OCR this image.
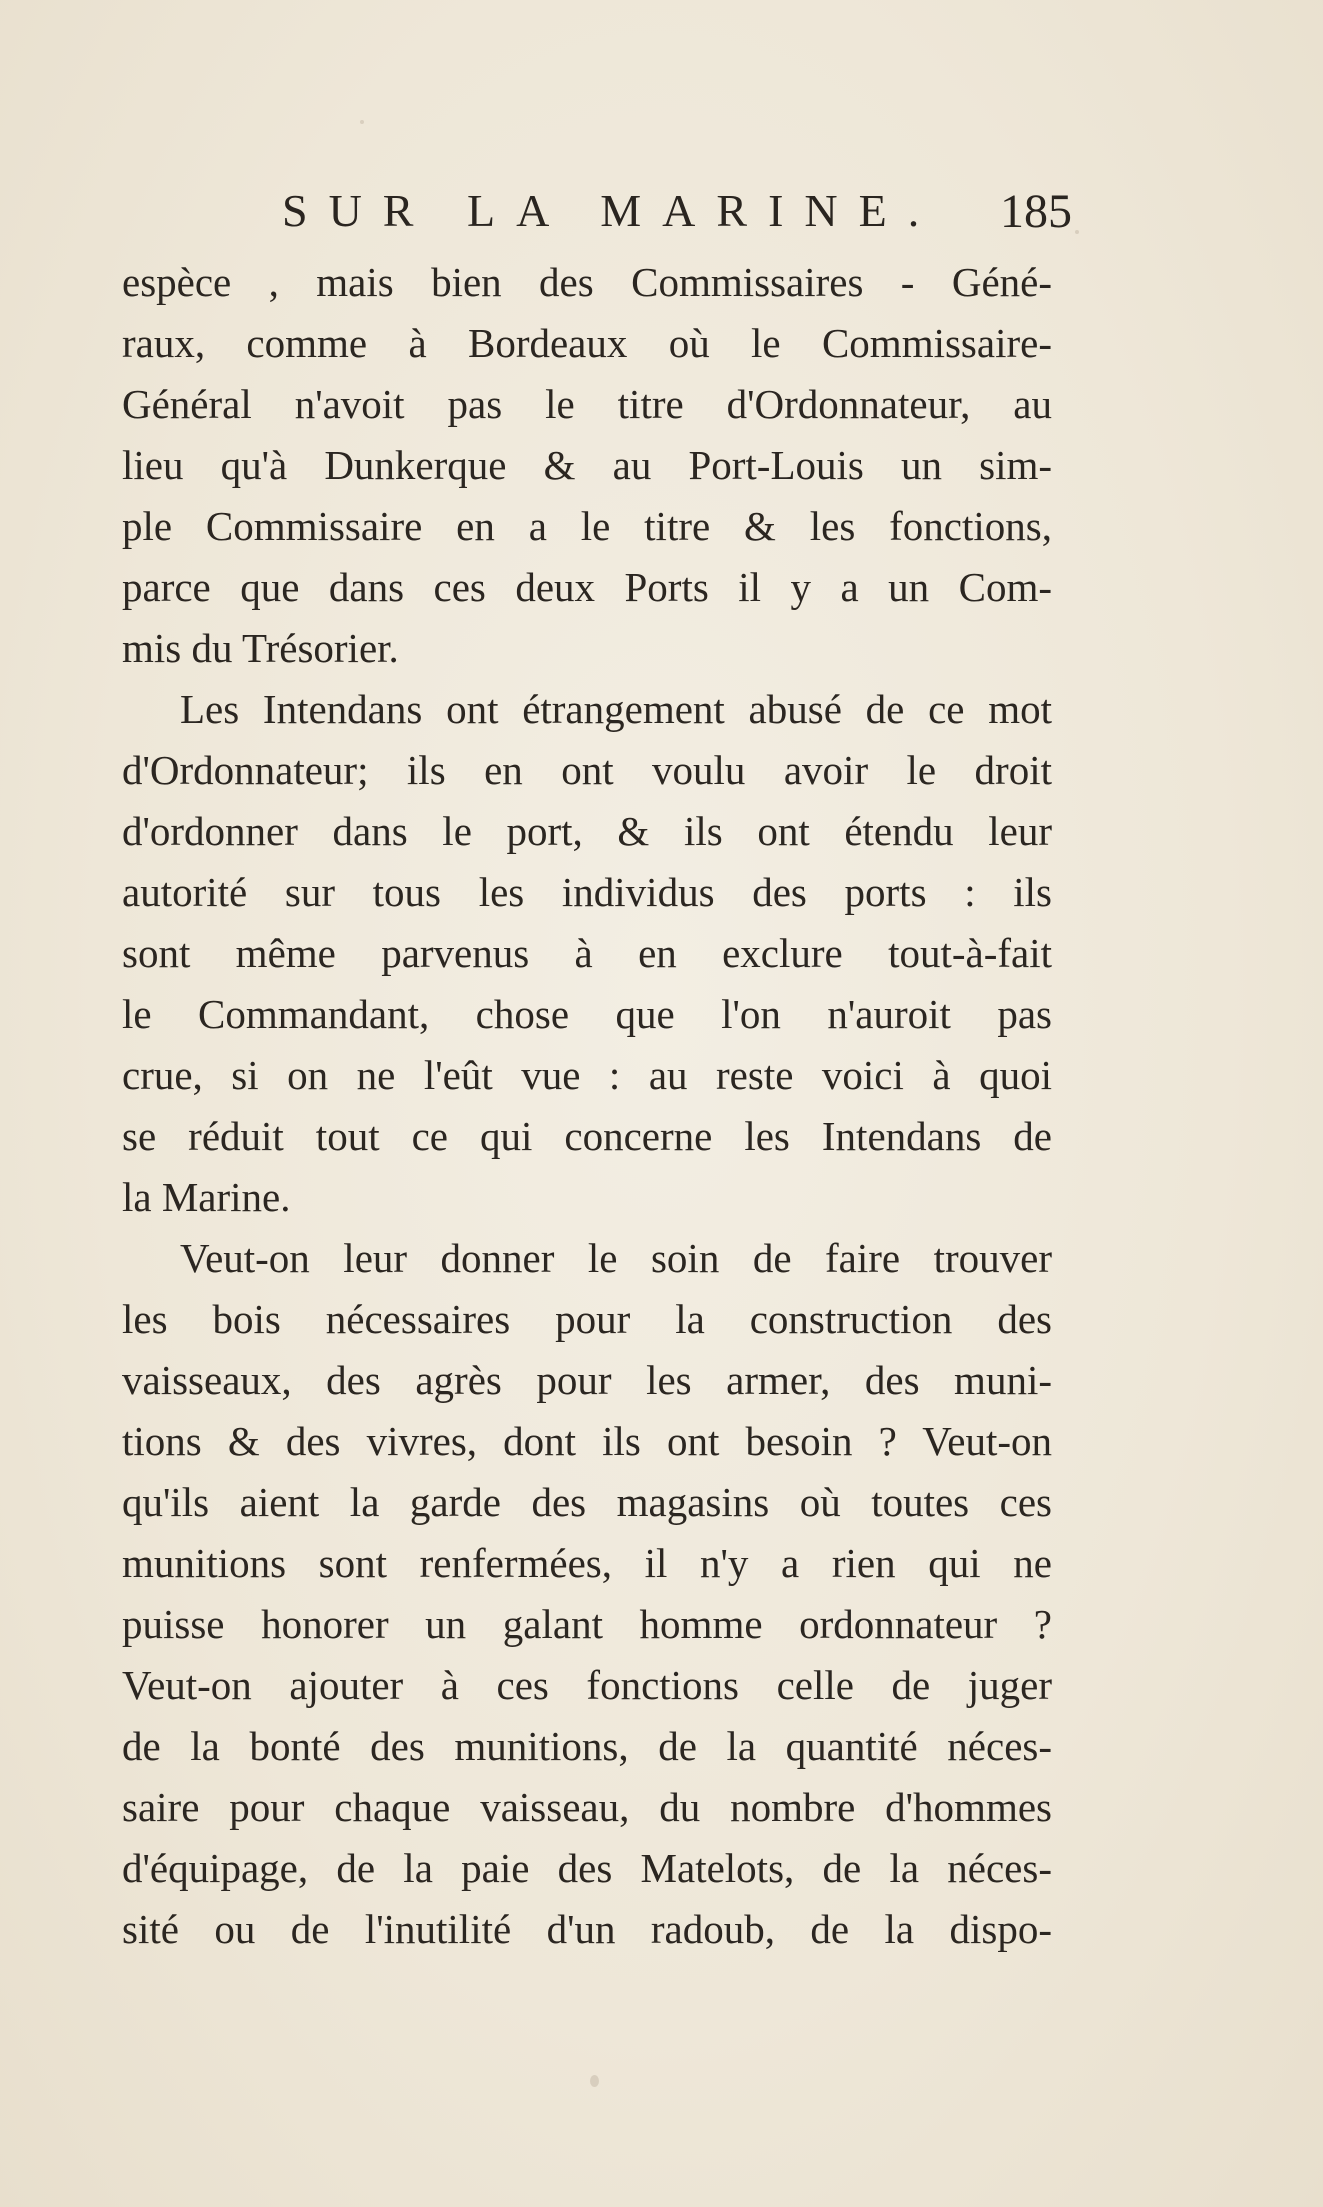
SUR LA MARINE. 185
espèce , mais bien des Commissaires - Géné-
raux, comme à Bordeaux où le Commissaire-
Général n'avoit pas le titre d'Ordonnateur, au
lieu qu'à Dunkerque & au Port-Louis un sim-
ple Commissaire en a le titre & les fonctions,
parce que dans ces deux Ports il y a un Com-
mis du Trésorier.
Les Intendans ont étrangement abusé de ce mot
d'Ordonnateur; ils en ont voulu avoir le droit
d'ordonner dans le port, & ils ont étendu leur
autorité sur tous les individus des ports : ils
sont même parvenus à en exclure tout-à-fait
le Commandant, chose que l'on n'auroit pas
crue, si on ne l'eût vue : au reste voici à quoi
se réduit tout ce qui concerne les Intendans de
la Marine.
Veut-on leur donner le soin de faire trouver
les bois nécessaires pour la construction des
vaisseaux, des agrès pour les armer, des muni-
tions & des vivres, dont ils ont besoin ? Veut-on
qu'ils aient la garde des magasins où toutes ces
munitions sont renfermées, il n'y a rien qui ne
puisse honorer un galant homme ordonnateur ?
Veut-on ajouter à ces fonctions celle de juger
de la bonté des munitions, de la quantité néces-
saire pour chaque vaisseau, du nombre d'hommes
d'équipage, de la paie des Matelots, de la néces-
sité ou de l'inutilité d'un radoub, de la dispo-
